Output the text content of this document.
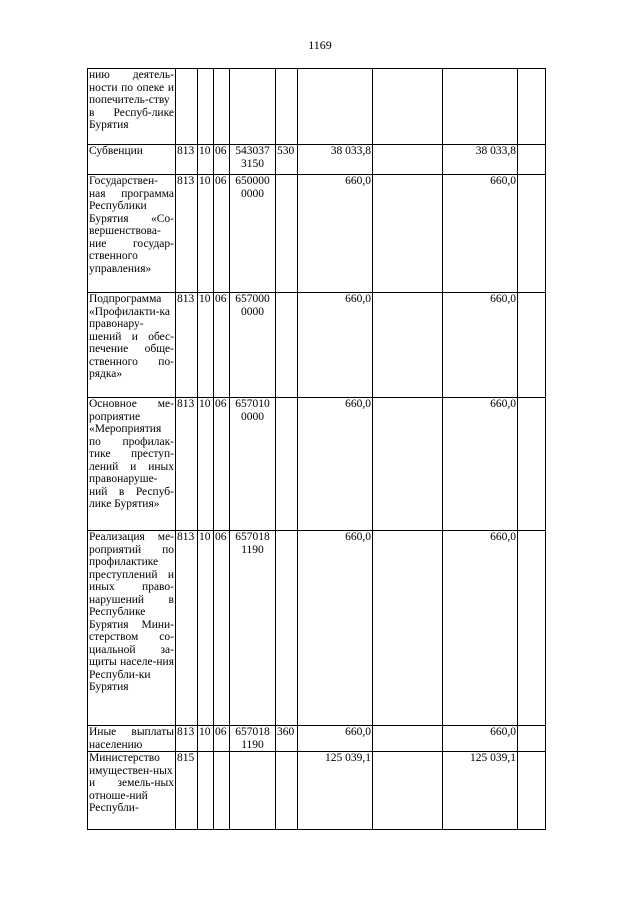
1169
нию деятель-ности по опеке и попечитель-ству в Респуб-лике Бурятия									
Субвенции	813	10	06	543037 3150	530	38 033,8		38 033,8	
Государствен-ная программа Республики Бурятия «Со-вершенствова-ние государ-ственного управления»	813	10	06	650000 0000		660,0		660,0	
Подпрограмма «Профилакти-ка правонару-шений и обес-печение обще-ственного по-рядка»	813	10	06	657000 0000		660,0		660,0	
Основное ме-роприятие «Мероприятия по профилак-тике преступ-лений и иных правонаруше-ний в Респуб-лике Бурятия»	813	10	06	657010 0000		660,0		660,0	
Реализация ме-роприятий по профилактике преступлений и иных право-нарушений в Республике Бурятия Мини-стерством со-циальной за-щиты населе-ния Республи-ки Бурятия	813	10	06	657018 1190		660,0		660,0	
Иные выплаты населению	813	10	06	657018 1190	360	660,0		660,0	
Министерство имуществен-ных и земель-ных отноше-ний Республи-	815					125 039,1		125 039,1	
